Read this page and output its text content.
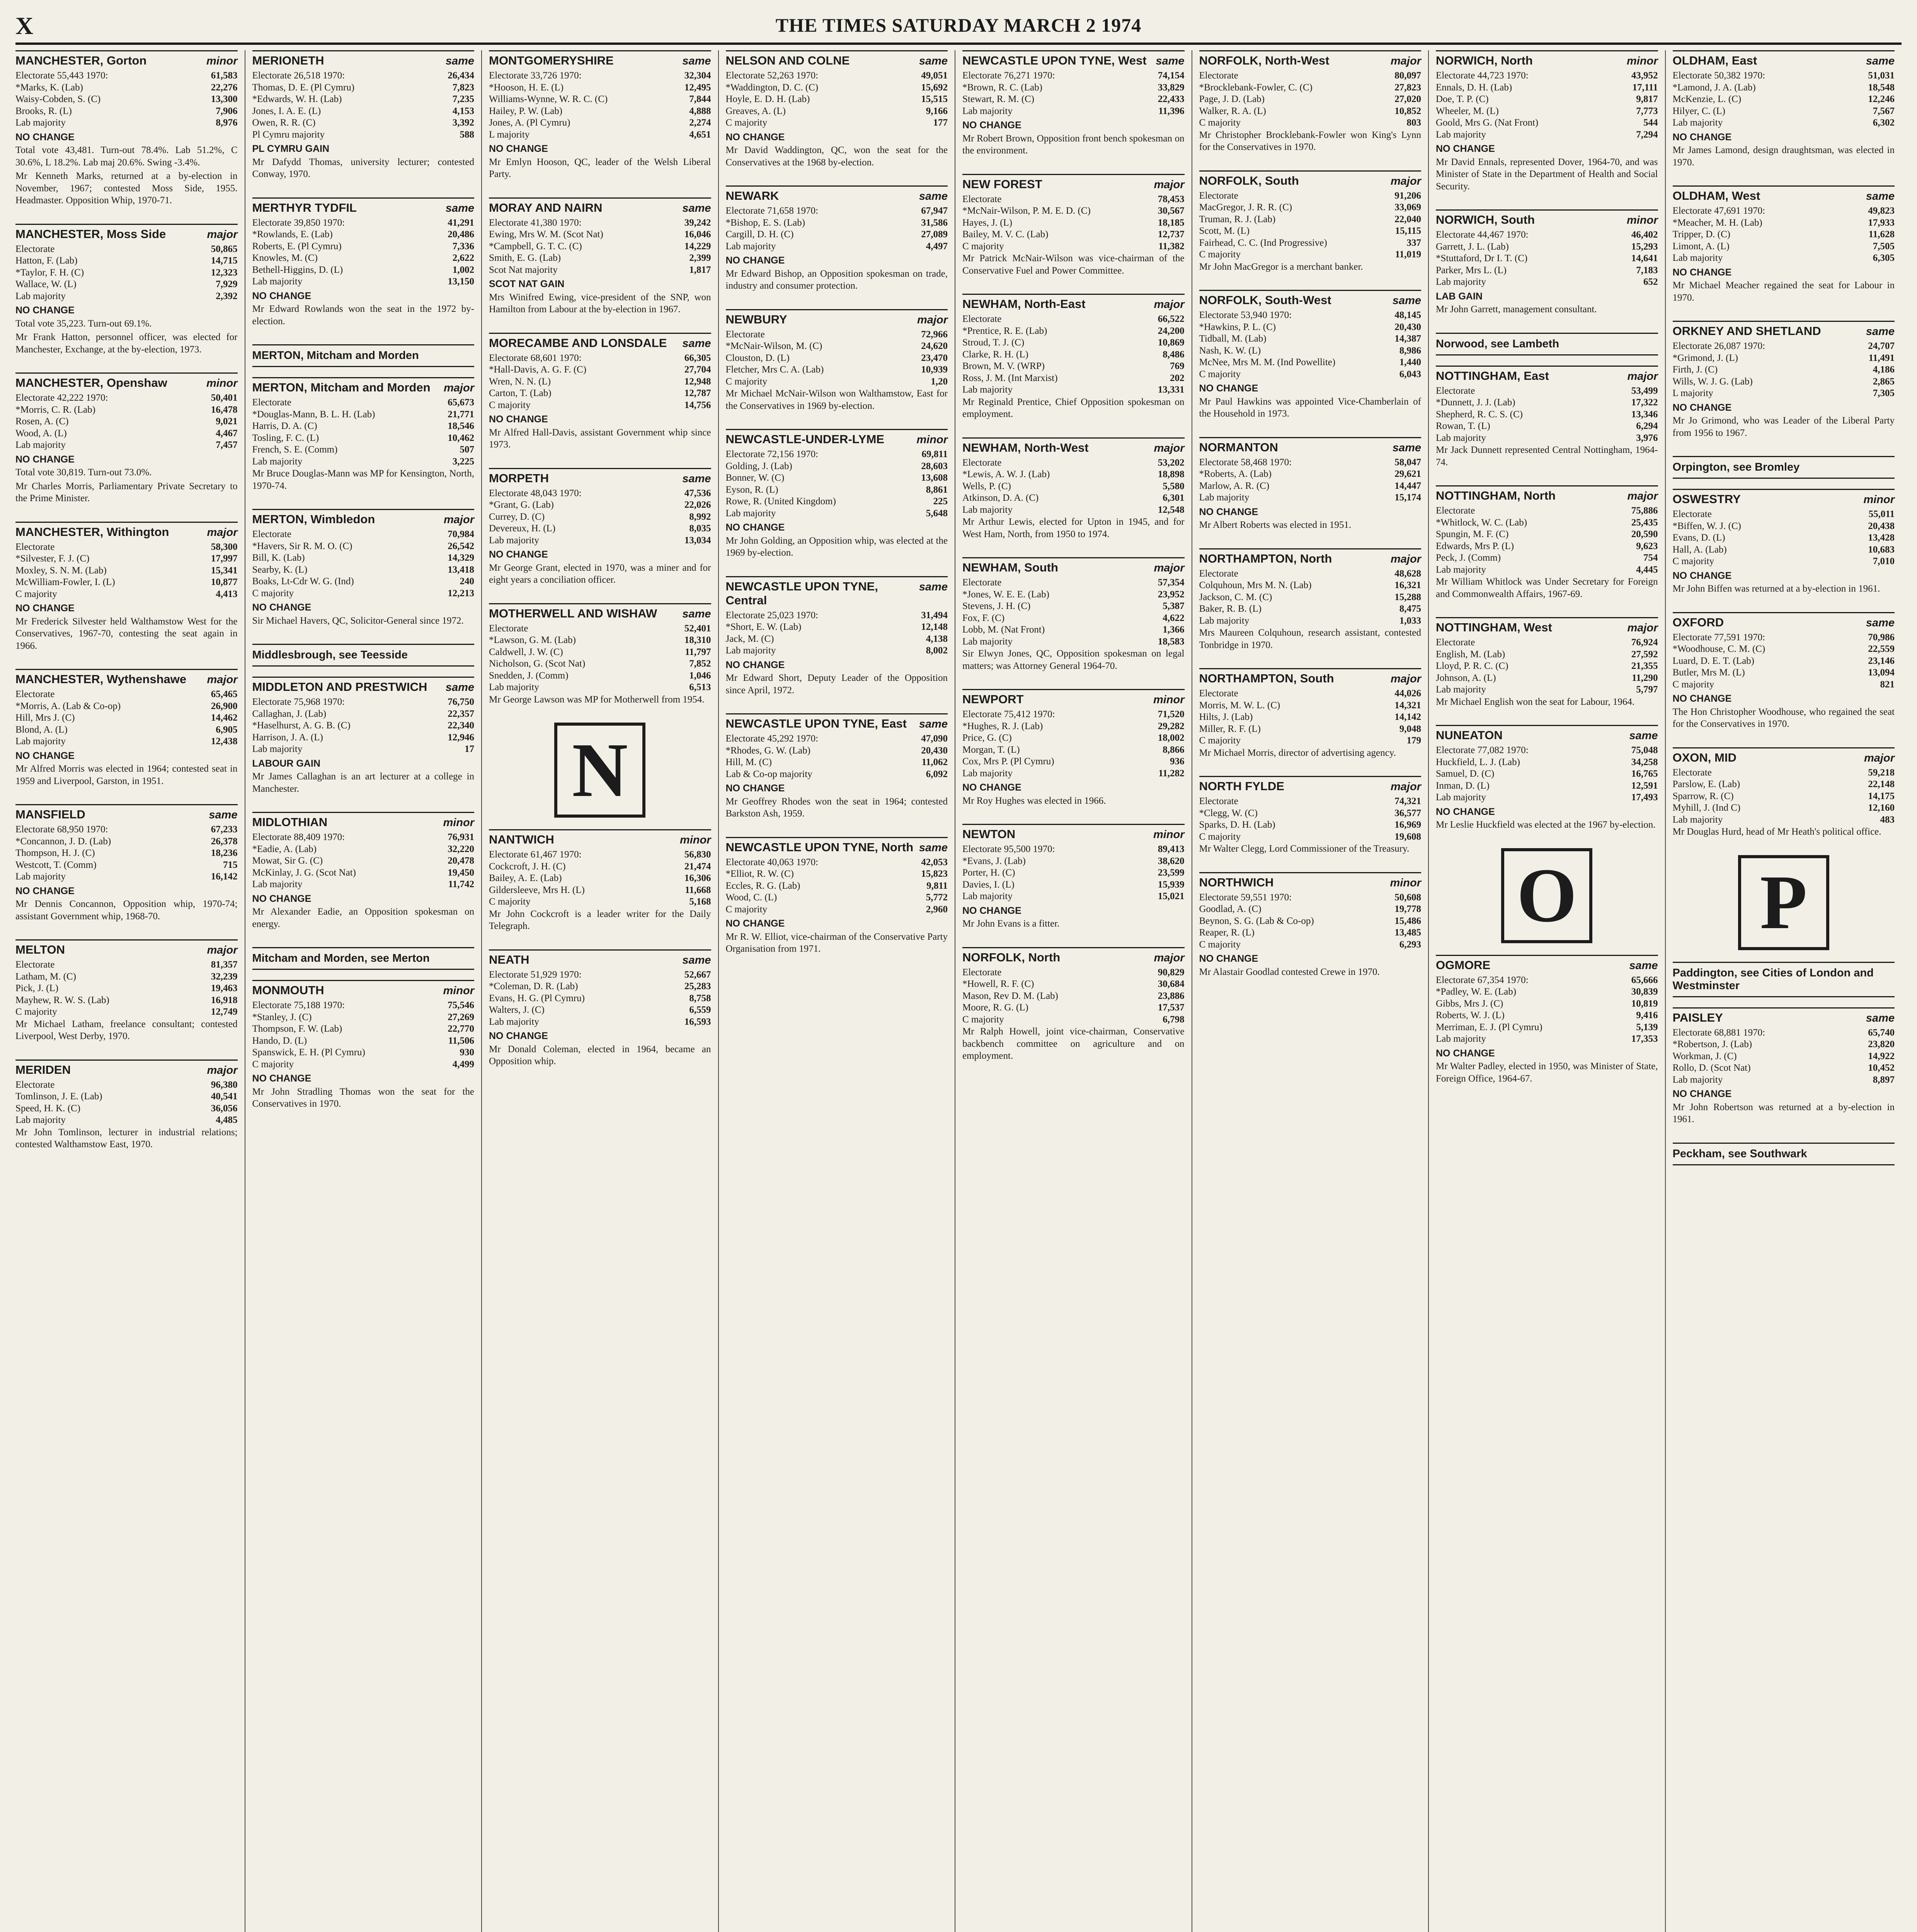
X	THE TIMES SATURDAY MARCH 2 1974
MANCHESTER, Gorton	minor
Electorate 55,443 1970:	61,583
*Marks, K. (Lab)	22,276
Waisy-Cobden, S. (C)	13,300
Brooks, R. (L)	7,906
Lab majority	8,976
NO CHANGE

Total vote 43,481. Turn-out 78.4%. Lab 51.2%, C 30.6%, L 18.2%. Lab maj 20.6%. Swing -3.4%.

Mr Kenneth Marks, returned at a by-election in November, 1967; contested Moss Side, 1955. Headmaster. Opposition Whip, 1970-71.

MANCHESTER, Moss Side	major
Electorate	50,865
Hatton, F. (Lab)	14,715
*Taylor, F. H. (C)	12,323
Wallace, W. (L)	7,929
Lab majority	2,392
NO CHANGE

Total vote 35,223. Turn-out 69.1%.

Mr Frank Hatton, personnel officer, was elected for Manchester, Exchange, at the by-election, 1973.

MANCHESTER, Openshaw	minor
Electorate 42,222 1970:	50,401
*Morris, C. R. (Lab)	16,478
Rosen, A. (C)	9,021
Wood, A. (L)	4,467
Lab majority	7,457
NO CHANGE

Total vote 30,819. Turn-out 73.0%.

Mr Charles Morris, Parliamentary Private Secretary to the Prime Minister.

MANCHESTER, Withington	major
Electorate	58,300
*Silvester, F. J. (C)	17,997
Moxley, S. N. M. (Lab)	15,341
McWilliam-Fowler, I. (L)	10,877
C majority	4,413
NO CHANGE

Mr Frederick Silvester held Walthamstow West for the Conservatives, 1967-70, contesting the seat again in 1966.

MANCHESTER, Wythenshawe major
Electorate	65,465
*Morris, A. (Lab & Co-op)	26,900
Hill, Mrs J. (C)	14,462
Blond, A. (L)	6,905
Lab majority	12,438
NO CHANGE

Mr Alfred Morris was elected in 1964; contested seat in 1959 and Liverpool, Garston, in 1951.

MANSFIELD	same
Electorate 68,950 1970:	67,233
*Concannon, J. D. (Lab)	26,378
Thompson, H. J. (C)	18,236
Westcott, T. (Comm)	715
Lab majority	16,142
NO CHANGE

Mr Dennis Concannon, Opposition whip, 1970-74; assistant Government whip, 1968-70.

MELTON	major
Electorate	81,357
Latham, M. (C)	32,239
Pick, J. (L)	19,463
Mayhew, R. W. S. (Lab)	16,918
C majority	12,749

Mr Michael Latham, freelance consultant; contested Liverpool, West Derby, 1970.

MERIDEN	major
Electorate	96,380
Tomlinson, J. E. (Lab)	40,541
Speed, H. K. (C)	36,056
Lab majority	4,485

Mr John Tomlinson, lecturer in industrial relations; contested Walthamstow East, 1970.

MERIONETH	same
Electorate 26,518 1970:	26,434
Thomas, D. E. (Pl Cymru)	7,823
*Edwards, W. H. (Lab)	7,235
Jones, I. A. E. (L)	4,153
Owen, R. R. (C)	3,392
Pl Cymru majority	588
PL CYMRU GAIN

Mr Dafydd Thomas, university lecturer; contested Conway, 1970.

MERTHYR TYDFIL	same
Electorate 39,850 1970:	41,291
*Rowlands, E. (Lab)	20,486
Roberts, E. (Pl Cymru)	7,336
Knowles, M. (C)	2,622
Bethell-Higgins, D. (L)	1,002
Lab majority	13,150
NO CHANGE

Mr Edward Rowlands won the seat in the 1972 by-election.

MERTON, Mitcham and Morden
MERTON, Mitcham and Morden major
Electorate	65,673
*Douglas-Mann, B. L. H. (Lab)	21,771
Harris, D. A. (C)	18,546
Tosling, F. C. (L)	10,462
French, S. E. (Comm)	507
Lab majority	3,225

Mr Bruce Douglas-Mann was MP for Kensington, North, 1970-74.

MERTON, Wimbledon	major
Electorate	70,984
*Havers, Sir R. M. O. (C)	26,542
Bill, K. (Lab)	14,329
Searby, K. (L)	13,418
Boaks, Lt-Cdr W. G. (Ind)	240
C majority	12,213
NO CHANGE

Sir Michael Havers, QC, Solicitor-General since 1972.

Middlesbrough, see Teesside
MIDDLETON AND PRESTWICH same
Electorate 75,968 1970:	76,750
Callaghan, J. (Lab)	22,357
*Haselhurst, A. G. B. (C)	22,340
Harrison, J. A. (L)	12,946
Lab majority	17
LABOUR GAIN

Mr James Callaghan is an art lecturer at a college in Manchester.

MIDLOTHIAN	minor
Electorate 88,409 1970:	76,931
*Eadie, A. (Lab)	32,220
Mowat, Sir G. (C)	20,478
McKinlay, J. G. (Scot Nat)	19,450
Lab majority	11,742
NO CHANGE

Mr Alexander Eadie, an Opposition spokesman on energy.

Mitcham and Morden, see Merton
MONMOUTH	minor
Electorate 75,188 1970:	75,546
*Stanley, J. (C)	27,269
Thompson, F. W. (Lab)	22,770
Hando, D. (L)	11,506
Spanswick, E. H. (Pl Cymru)	930
C majority	4,499
NO CHANGE

Mr John Stradling Thomas won the seat for the Conservatives in 1970.

MONTGOMERYSHIRE	same
Electorate 33,726 1970:	32,304
*Hooson, H. E. (L)	12,495
Williams-Wynne, W. R. C. (C)	7,844
Hailey, P. W. (Lab)	4,888
Jones, A. (Pl Cymru)	2,274
L majority	4,651
NO CHANGE

Mr Emlyn Hooson, QC, leader of the Welsh Liberal Party.

MORAY AND NAIRN	same
Electorate 41,380 1970:	39,242
Ewing, Mrs W. M. (Scot Nat)	16,046
*Campbell, G. T. C. (C)	14,229
Smith, E. G. (Lab)	2,399
Scot Nat majority	1,817
SCOT NAT GAIN

Mrs Winifred Ewing, vice-president of the SNP, won Hamilton from Labour at the by-election in 1967.

MORECAMBE AND LONSDALE same
Electorate 68,601 1970:	66,305
*Hall-Davis, A. G. F. (C)	27,704
Wren, N. N. (L)	12,948
Carton, T. (Lab)	12,787
C majority	14,756
NO CHANGE

Mr Alfred Hall-Davis, assistant Government whip since 1973.

MORPETH	same
Electorate 48,043 1970:	47,536
*Grant, G. (Lab)	22,026
Currey, D. (C)	8,992
Devereux, H. (L)	8,035
Lab majority	13,034
NO CHANGE

Mr George Grant, elected in 1970, was a miner and for eight years a conciliation officer.

MOTHERWELL AND WISHAW same
Electorate	52,401
*Lawson, G. M. (Lab)	18,310
Caldwell, J. W. (C)	11,797
Nicholson, G. (Scot Nat)	7,852
Snedden, J. (Comm)	1,046
Lab majority	6,513

Mr George Lawson was MP for Motherwell from 1954.

N
NANTWICH	minor
Electorate 61,467 1970:	56,830
Cockcroft, J. H. (C)	21,474
Bailey, A. E. (Lab)	16,306
Gildersleeve, Mrs H. (L)	11,668
C majority	5,168

Mr John Cockcroft is a leader writer for the Daily Telegraph.

NEATH	same
Electorate 51,929 1970:	52,667
*Coleman, D. R. (Lab)	25,283
Evans, H. G. (Pl Cymru)	8,758
Walters, J. (C)	6,559
Lab majority	16,593
NO CHANGE

Mr Donald Coleman, elected in 1964, became an Opposition whip.

NELSON AND COLNE	same
Electorate 52,263 1970:	49,051
*Waddington, D. C. (C)	15,692
Hoyle, E. D. H. (Lab)	15,515
Greaves, A. (L)	9,166
C majority	177
NO CHANGE

Mr David Waddington, QC, won the seat for the Conservatives at the 1968 by-election.

NEWARK	same
Electorate 71,658 1970:	67,947
*Bishop, E. S. (Lab)	31,586
Cargill, D. H. (C)	27,089
Lab majority	4,497
NO CHANGE

Mr Edward Bishop, an Opposition spokesman on trade, industry and consumer protection.

NEWBURY	major
Electorate	72,966
*McNair-Wilson, M. (C)	24,620
Clouston, D. (L)	23,470
Fletcher, Mrs C. A. (Lab)	10,939
C majority	1,20

Mr Michael McNair-Wilson won Walthamstow, East for the Conservatives in 1969 by-election.

NEWCASTLE-UNDER-LYME	minor
Electorate 72,156 1970:	69,811
Golding, J. (Lab)	28,603
Bonner, W. (C)	13,608
Eyson, R. (L)	8,861
Rowe, R. (United Kingdom)	225
Lab majority	5,648
NO CHANGE

Mr John Golding, an Opposition whip, was elected at the 1969 by-election.

NEWCASTLE UPON TYNE, Central
same
Electorate 25,023 1970:	31,494
*Short, E. W. (Lab)	12,148
Jack, M. (C)	4,138
Lab majority	8,002
NO CHANGE

Mr Edward Short, Deputy Leader of the Opposition since April, 1972.

NEWCASTLE UPON TYNE, East same
Electorate 45,292 1970:	47,090
*Rhodes, G. W. (Lab)	20,430
Hill, M. (C)	11,062
Lab & Co-op majority	6,092
NO CHANGE

Mr Geoffrey Rhodes won the seat in 1964; contested Barkston Ash, 1959.

NEWCASTLE UPON TYNE, North same
Electorate 40,063 1970:	42,053
*Elliot, R. W. (C)	15,823
Eccles, R. G. (Lab)	9,811
Wood, C. (L)	5,772
C majority	2,960
NO CHANGE

Mr R. W. Elliot, vice-chairman of the Conservative Party Organisation from 1971.

NEWCASTLE UPON TYNE, West same
Electorate 76,271 1970:	74,154
*Brown, R. C. (Lab)	33,829
Stewart, R. M. (C)	22,433
Lab majority	11,396
NO CHANGE

Mr Robert Brown, Opposition front bench spokesman on the environment.

NEW FOREST	major
Electorate	78,453
*McNair-Wilson, P. M. E. D. (C)	30,567
Hayes, J. (L)	18,185
Bailey, M. V. C. (Lab)	12,737
C majority	11,382

Mr Patrick McNair-Wilson was vice-chairman of the Conservative Fuel and Power Committee.

NEWHAM, North-East	major
Electorate	66,522
*Prentice, R. E. (Lab)	24,200
Stroud, T. J. (C)	10,869
Clarke, R. H. (L)	8,486
Brown, M. V. (WRP)	769
Ross, J. M. (Int Marxist)	202
Lab majority	13,331

Mr Reginald Prentice, Chief Opposition spokesman on employment.

NEWHAM, North-West	major
Electorate	53,202
*Lewis, A. W. J. (Lab)	18,898
Wells, P. (C)	5,580
Atkinson, D. A. (C)	6,301
Lab majority	12,548

Mr Arthur Lewis, elected for Upton in 1945, and for West Ham, North, from 1950 to 1974.

NEWHAM, South	major
Electorate	57,354
*Jones, W. E. E. (Lab)	23,952
Stevens, J. H. (C)	5,387
Fox, F. (C)	4,622
Lobb, M. (Nat Front)	1,366
Lab majority	18,583

Sir Elwyn Jones, QC, Opposition spokesman on legal matters; was Attorney General 1964-70.

NEWPORT	minor
Electorate 75,412 1970:	71,520
*Hughes, R. J. (Lab)	29,282
Price, G. (C)	18,002
Morgan, T. (L)	8,866
Cox, Mrs P. (Pl Cymru)	936
Lab majority	11,282
NO CHANGE

Mr Roy Hughes was elected in 1966.

NEWTON	minor
Electorate 95,500 1970:	89,413
*Evans, J. (Lab)	38,620
Porter, H. (C)	23,599
Davies, I. (L)	15,939
Lab majority	15,021
NO CHANGE

Mr John Evans is a fitter.

NORFOLK, North	major
Electorate	90,829
*Howell, R. F. (C)	30,684
Mason, Rev D. M. (Lab)	23,886
Moore, R. G. (L)	17,537
C majority	6,798

Mr Ralph Howell, joint vice-chairman, Conservative backbench committee on agriculture and on employment.

NORFOLK, North-West	major
Electorate	80,097
*Brocklebank-Fowler, C. (C)	27,823
Page, J. D. (Lab)	27,020
Walker, R. A. (L)	10,852
C majority	803

Mr Christopher Brocklebank-Fowler won King's Lynn for the Conservatives in 1970.

NORFOLK, South	major
Electorate	91,206
MacGregor, J. R. R. (C)	33,069
Truman, R. J. (Lab)	22,040
Scott, M. (L)	15,115
Fairhead, C. C. (Ind Progressive)	337
C majority	11,019

Mr John MacGregor is a merchant banker.

NORFOLK, South-West	same
Electorate 53,940 1970:	48,145
*Hawkins, P. L. (C)	20,430
Tidball, M. (Lab)	14,387
Nash, K. W. (L)	8,986
McNee, Mrs M. M. (Ind Powellite)	1,440
C majority	6,043
NO CHANGE

Mr Paul Hawkins was appointed Vice-Chamberlain of the Household in 1973.

NORMANTON	same
Electorate 58,468 1970:	58,047
*Roberts, A. (Lab)	29,621
Marlow, A. R. (C)	14,447
Lab majority	15,174
NO CHANGE

Mr Albert Roberts was elected in 1951.

NORTHAMPTON, North	major
Electorate	48,628
Colquhoun, Mrs M. N. (Lab)	16,321
Jackson, C. M. (C)	15,288
Baker, R. B. (L)	8,475
Lab majority	1,033

Mrs Maureen Colquhoun, research assistant, contested Tonbridge in 1970.

NORTHAMPTON, South	major
Electorate	44,026
Morris, M. W. L. (C)	14,321
Hilts, J. (Lab)	14,142
Miller, R. F. (L)	9,048
C majority	179

Mr Michael Morris, director of advertising agency.

NORTH FYLDE	major
Electorate	74,321
*Clegg, W. (C)	36,577
Sparks, D. H. (Lab)	16,969
C majority	19,608

Mr Walter Clegg, Lord Commissioner of the Treasury.

NORTHWICH	minor
Electorate 59,551 1970:	50,608
Goodlad, A. (C)	19,778
Beynon, S. G. (Lab & Co-op)	15,486
Reaper, R. (L)	13,485
C majority	6,293
NO CHANGE

Mr Alastair Goodlad contested Crewe in 1970.

NORWICH, North	minor
Electorate 44,723 1970:	43,952
Ennals, D. H. (Lab)	17,111
Doe, T. P. (C)	9,817
Wheeler, M. (L)	7,773
Goold, Mrs G. (Nat Front)	544
Lab majority	7,294
NO CHANGE

Mr David Ennals, represented Dover, 1964-70, and was Minister of State in the Department of Health and Social Security.

NORWICH, South	minor
Electorate 44,467 1970:	46,402
Garrett, J. L. (Lab)	15,293
*Stuttaford, Dr I. T. (C)	14,641
Parker, Mrs L. (L)	7,183
Lab majority	652
LAB GAIN

Mr John Garrett, management consultant.

Norwood, see Lambeth
NOTTINGHAM, East	major
Electorate	53,499
*Dunnett, J. J. (Lab)	17,322
Shepherd, R. C. S. (C)	13,346
Rowan, T. (L)	6,294
Lab majority	3,976

Mr Jack Dunnett represented Central Nottingham, 1964-74.

NOTTINGHAM, North	major
Electorate	75,886
*Whitlock, W. C. (Lab)	25,435
Spungin, M. F. (C)	20,590
Edwards, Mrs P. (L)	9,623
Peck, J. (Comm)	754
Lab majority	4,445

Mr William Whitlock was Under Secretary for Foreign and Commonwealth Affairs, 1967-69.

NOTTINGHAM, West	major
Electorate	76,924
English, M. (Lab)	27,592
Lloyd, P. R. C. (C)	21,355
Johnson, A. (L)	11,290
Lab majority	5,797

Mr Michael English won the seat for Labour, 1964.

NUNEATON	same
Electorate 77,082 1970:	75,048
Huckfield, L. J. (Lab)	34,258
Samuel, D. (C)	16,765
Inman, D. (L)	12,591
Lab majority	17,493
NO CHANGE

Mr Leslie Huckfield was elected at the 1967 by-election.

O
OGMORE	same
Electorate 67,354 1970:	65,666
*Padley, W. E. (Lab)	30,839
Gibbs, Mrs J. (C)	10,819
Roberts, W. J. (L)	9,416
Merriman, E. J. (Pl Cymru)	5,139
Lab majority	17,353
NO CHANGE

Mr Walter Padley, elected in 1950, was Minister of State, Foreign Office, 1964-67.

OLDHAM, East	same
Electorate 50,382 1970:	51,031
*Lamond, J. A. (Lab)	18,548
McKenzie, L. (C)	12,246
Hilyer, C. (L)	7,567
Lab majority	6,302
NO CHANGE

Mr James Lamond, design draughtsman, was elected in 1970.

OLDHAM, West	same
Electorate 47,691 1970:	49,823
*Meacher, M. H. (Lab)	17,933
Tripper, D. (C)	11,628
Limont, A. (L)	7,505
Lab majority	6,305
NO CHANGE

Mr Michael Meacher regained the seat for Labour in 1970.

ORKNEY AND SHETLAND	same
Electorate 26,087 1970:	24,707
*Grimond, J. (L)	11,491
Firth, J. (C)	4,186
Wills, W. J. G. (Lab)	2,865
L majority	7,305
NO CHANGE

Mr Jo Grimond, who was Leader of the Liberal Party from 1956 to 1967.

Orpington, see Bromley
OSWESTRY	minor
Electorate	55,011
*Biffen, W. J. (C)	20,438
Evans, D. (L)	13,428
Hall, A. (Lab)	10,683
C majority	7,010
NO CHANGE

Mr John Biffen was returned at a by-election in 1961.

OXFORD	same
Electorate 77,591 1970:	70,986
*Woodhouse, C. M. (C)	22,559
Luard, D. E. T. (Lab)	23,146
Butler, Mrs M. (L)	13,094
C majority	821
NO CHANGE

The Hon Christopher Woodhouse, who regained the seat for the Conservatives in 1970.

OXON, MID	major
Electorate	59,218
Parslow, E. (Lab)	22,148
Sparrow, R. (C)	14,175
Myhill, J. (Ind C)	12,160
Lab majority	483

Mr Douglas Hurd, head of Mr Heath's political office.

P
Paddington, see Cities of London and Westminster
PAISLEY	same
Electorate 68,881 1970:	65,740
*Robertson, J. (Lab)	23,820
Workman, J. (C)	14,922
Rollo, D. (Scot Nat)	10,452
Lab majority	8,897
NO CHANGE

Mr John Robertson was returned at a by-election in 1961.

Peckham, see Southwark
